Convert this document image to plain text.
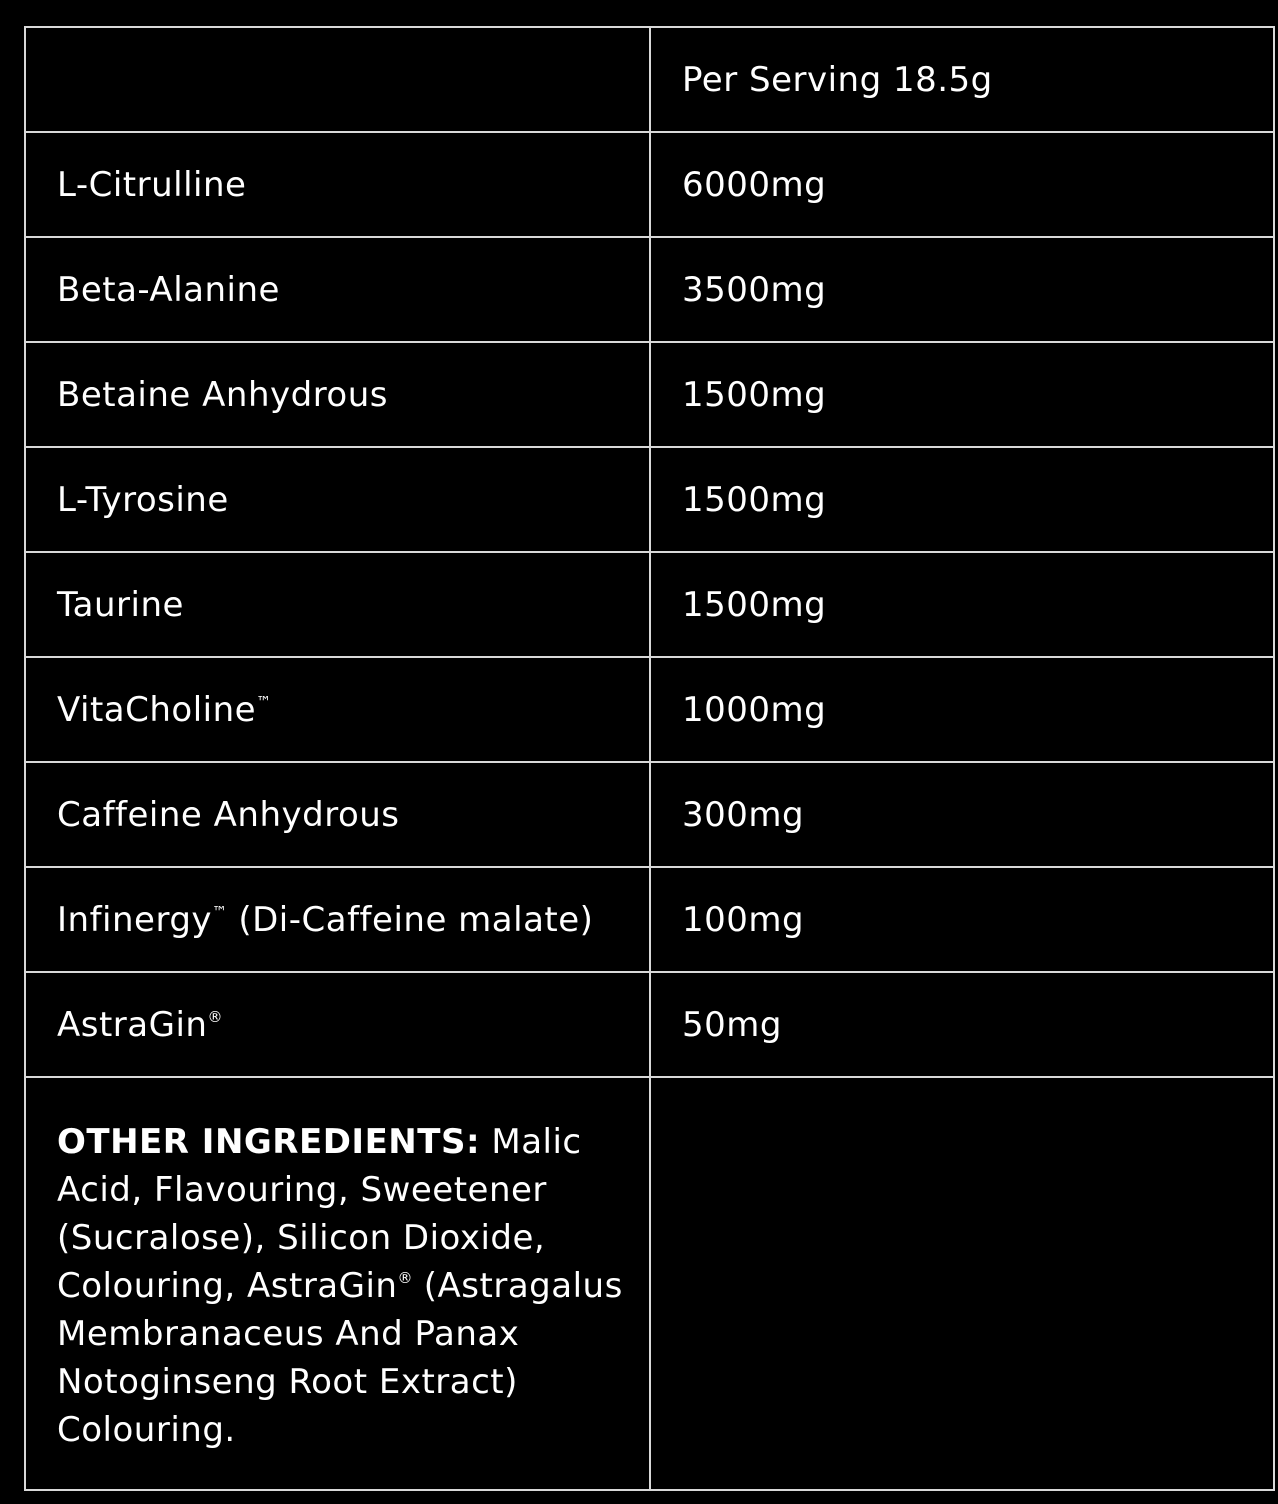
	Per Serving 18.5g
L-Citrulline	6000mg
Beta-Alanine	3500mg
Betaine Anhydrous	1500mg
L-Tyrosine	1500mg
Taurine	1500mg
VitaCholine™	1000mg
Caffeine Anhydrous	300mg
Infinergy™ (Di-Caffeine malate)	100mg
AstraGin®	50mg
OTHER INGREDIENTS: Malic Acid, Flavouring, Sweetener (Sucralose), Silicon Dioxide, Colouring, AstraGin® (Astragalus Membranaceus And Panax Notoginseng Root Extract) Colouring.	
